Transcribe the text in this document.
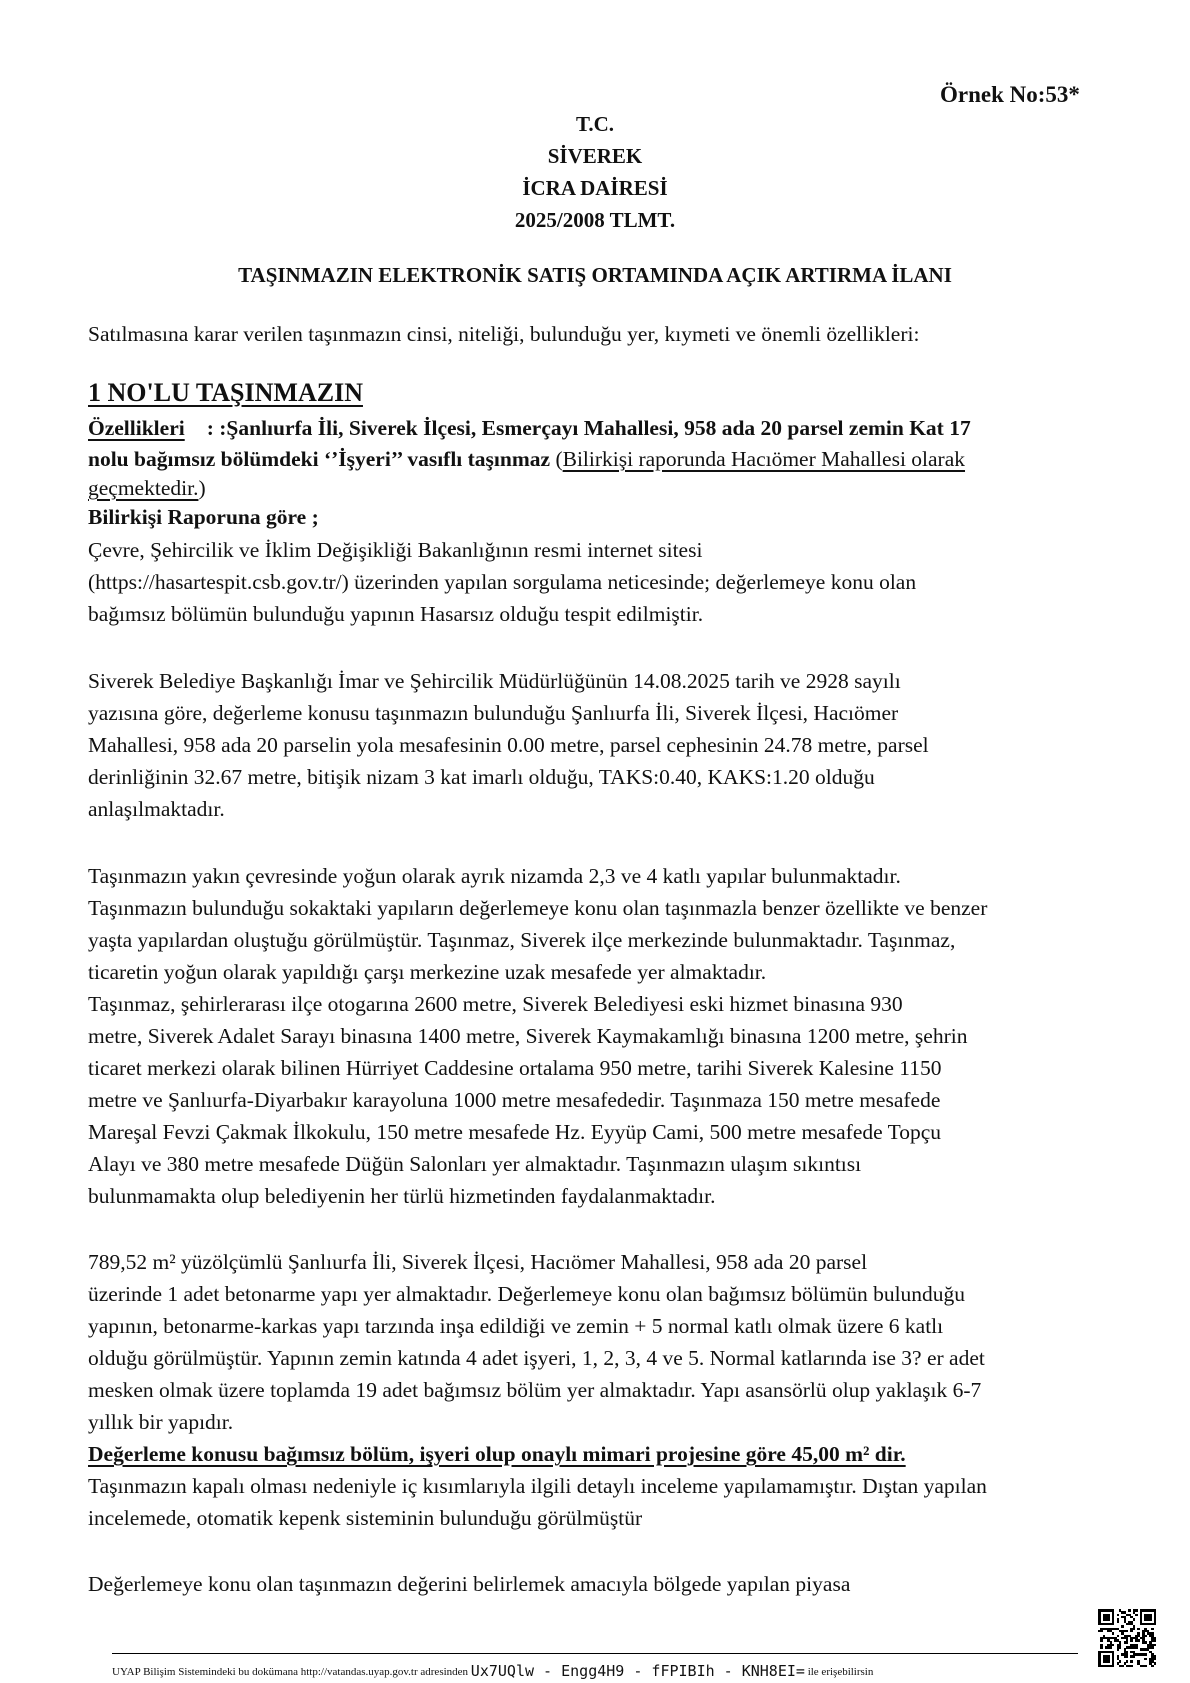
Örnek No:53*
T.C.
SİVEREK
İCRA DAİRESİ
2025/2008 TLMT.
TAŞINMAZIN ELEKTRONİK SATIŞ ORTAMINDA AÇIK ARTIRMA İLANI
Satılmasına karar verilen taşınmazın cinsi, niteliği, bulunduğu yer, kıymeti ve önemli özellikleri:
1 NO'LU TAŞINMAZIN
Özellikleri : :Şanlıurfa İli, Siverek İlçesi, Esmerçayı Mahallesi, 958 ada 20 parsel zemin Kat 17
nolu bağımsız bölümdeki ‘’İşyeri’’ vasıflı taşınmaz (Bilirkişi raporunda Hacıömer Mahallesi olarak
geçmektedir.)
Bilirkişi Raporuna göre ;
Çevre, Şehircilik ve İklim Değişikliği Bakanlığının resmi internet sitesi
(https://hasartespit.csb.gov.tr/) üzerinden yapılan sorgulama neticesinde; değerlemeye konu olan
bağımsız bölümün bulunduğu yapının Hasarsız olduğu tespit edilmiştir.
Siverek Belediye Başkanlığı İmar ve Şehircilik Müdürlüğünün 14.08.2025 tarih ve 2928 sayılı
yazısına göre, değerleme konusu taşınmazın bulunduğu Şanlıurfa İli, Siverek İlçesi, Hacıömer
Mahallesi, 958 ada 20 parselin yola mesafesinin 0.00 metre, parsel cephesinin 24.78 metre, parsel
derinliğinin 32.67 metre, bitişik nizam 3 kat imarlı olduğu, TAKS:0.40, KAKS:1.20 olduğu
anlaşılmaktadır.
Taşınmazın yakın çevresinde yoğun olarak ayrık nizamda 2,3 ve 4 katlı yapılar bulunmaktadır.
Taşınmazın bulunduğu sokaktaki yapıların değerlemeye konu olan taşınmazla benzer özellikte ve benzer
yaşta yapılardan oluştuğu görülmüştür. Taşınmaz, Siverek ilçe merkezinde bulunmaktadır. Taşınmaz,
ticaretin yoğun olarak yapıldığı çarşı merkezine uzak mesafede yer almaktadır.
Taşınmaz, şehirlerarası ilçe otogarına 2600 metre, Siverek Belediyesi eski hizmet binasına 930
metre, Siverek Adalet Sarayı binasına 1400 metre, Siverek Kaymakamlığı binasına 1200 metre, şehrin
ticaret merkezi olarak bilinen Hürriyet Caddesine ortalama 950 metre, tarihi Siverek Kalesine 1150
metre ve Şanlıurfa-Diyarbakır karayoluna 1000 metre mesafededir. Taşınmaza 150 metre mesafede
Mareşal Fevzi Çakmak İlkokulu, 150 metre mesafede Hz. Eyyüp Cami, 500 metre mesafede Topçu
Alayı ve 380 metre mesafede Düğün Salonları yer almaktadır. Taşınmazın ulaşım sıkıntısı
bulunmamakta olup belediyenin her türlü hizmetinden faydalanmaktadır.
789,52 m² yüzölçümlü Şanlıurfa İli, Siverek İlçesi, Hacıömer Mahallesi, 958 ada 20 parsel
üzerinde 1 adet betonarme yapı yer almaktadır. Değerlemeye konu olan bağımsız bölümün bulunduğu
yapının, betonarme-karkas yapı tarzında inşa edildiği ve zemin + 5 normal katlı olmak üzere 6 katlı
olduğu görülmüştür. Yapının zemin katında 4 adet işyeri, 1, 2, 3, 4 ve 5. Normal katlarında ise 3? er adet
mesken olmak üzere toplamda 19 adet bağımsız bölüm yer almaktadır. Yapı asansörlü olup yaklaşık 6-7
yıllık bir yapıdır.
Değerleme konusu bağımsız bölüm, işyeri olup onaylı mimari projesine göre 45,00 m² dir.
Taşınmazın kapalı olması nedeniyle iç kısımlarıyla ilgili detaylı inceleme yapılamamıştır. Dıştan yapılan
incelemede, otomatik kepenk sisteminin bulunduğu görülmüştür
Değerlemeye konu olan taşınmazın değerini belirlemek amacıyla bölgede yapılan piyasa
UYAP Bilişim Sistemindeki bu dokümana http://vatandas.uyap.gov.tr adresinden Ux7UQlw - Engg4H9 - fFPIBIh - KNH8EI= ile erişebilirsin
